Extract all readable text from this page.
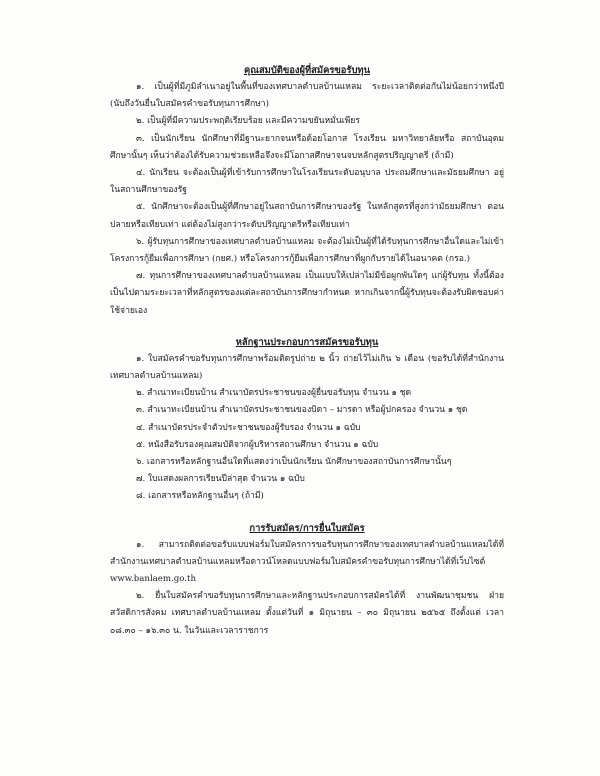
คุณสมบัติของผู้ที่สมัครขอรับทุน

๑. เป็นผู้ที่มีภูมิลำเนาอยู่ในพื้นที่ของเทศบาลตำบลบ้านแหลม ระยะเวลาติดต่อกันไม่น้อยกว่าหนึ่งปี (นับถึงวันยื่นใบสมัครคำขอรับทุนการศึกษา)

๒. เป็นผู้ที่มีความประพฤติเรียบร้อย และมีความขยันหมั่นเพียร

๓. เป็นนักเรียน นักศึกษาที่มีฐานะยากจนหรือด้อยโอกาส โรงเรียน มหาวิทยาลัยหรือ สถาบันอุดมศึกษานั้นๆ เห็นว่าต้องได้รับความช่วยเหลือจึงจะมีโอกาสศึกษาจนจบหลักสูตรปริญญาตรี (ถ้ามี)

๔. นักเรียน จะต้องเป็นผู้ที่เข้ารับการศึกษาในโรงเรียนระดับอนุบาล ประถมศึกษาและมัธยมศึกษา อยู่ในสถานศึกษาของรัฐ

๕. นักศึกษาจะต้องเป็นผู้ที่ศึกษาอยู่ในสถาบันการศึกษาของรัฐ ในหลักสูตรที่สูงกว่ามัธยมศึกษา ตอนปลายหรือเทียบเท่า แต่ต้องไม่สูงกว่าระดับปริญญาตรีหรือเทียบเท่า

๖. ผู้รับทุนการศึกษาของเทศบาลตำบลบ้านแหลม จะต้องไม่เป็นผู้ที่ได้รับทุนการศึกษาอื่นใดและไม่เข้าโครงการกู้ยืมเพื่อการศึกษา (กยศ.) หรือโครงการกู้ยืมเพื่อการศึกษาที่ผูกกับรายได้ในอนาคต (กรอ.)

๗. ทุนการศึกษาของเทศบาลตำบลบ้านแหลม เป็นแบบให้เปล่าไม่มีข้อผูกพันใดๆ แก่ผู้รับทุน ทั้งนี้ต้องเป็นไปตามระยะเวลาที่หลักสูตรของแต่ละสถาบันการศึกษากำหนด หากเกินจากนี้ผู้รับทุนจะต้องรับผิดชอบค่าใช้จ่ายเอง

หลักฐานประกอบการสมัครขอรับทุน

๑. ใบสมัครคำขอรับทุนการศึกษาพร้อมติดรูปถ่าย ๒ นิ้ว ถ่ายไว้ไม่เกิน ๖ เดือน (ขอรับได้ที่สำนักงานเทศบาลตำบลบ้านแหลม)

๒. สำเนาทะเบียนบ้าน สำเนาบัตรประชาชนของผู้ยื่นขอรับทุน จำนวน ๑ ชุด

๓. สำเนาทะเบียนบ้าน สำเนาบัตรประชาชนของบิดา – มารดา หรือผู้ปกครอง จำนวน ๑ ชุด

๔. สำเนาบัตรประจำตัวประชาชนของผู้รับรอง จำนวน ๑ ฉบับ

๕. หนังสือรับรองคุณสมบัติจากผู้บริหารสถานศึกษา จำนวน ๑ ฉบับ

๖. เอกสารหรือหลักฐานอื่นใดที่แสดงว่าเป็นนักเรียน นักศึกษาของสถาบันการศึกษานั้นๆ

๗. ใบแสดงผลการเรียนปีล่าสุด จำนวน ๑ ฉบับ

๘. เอกสารหรือหลักฐานอื่นๆ (ถ้ามี)

การรับสมัคร/การยื่นใบสมัคร

๑. สามารถติดต่อขอรับแบบฟอร์มใบสมัครการขอรับทุนการศึกษาของเทศบาลตำบลบ้านแหลมได้ที่สำนักงานเทศบาลตำบลบ้านแหลมหรือดาวน์โหลดแบบฟอร์มใบสมัครคำขอรับทุนการศึกษาได้ที่เว็บไซต์ www.banlaem.go.th

๒. ยื่นใบสมัครคำขอรับทุนการศึกษาและหลักฐานประกอบการสมัครได้ที่ งานพัฒนาชุมชน ฝ่ายสวัสดิการสังคม เทศบาลตำบลบ้านแหลม ตั้งแต่วันที่ ๑ มิถุนายน – ๓๐ มิถุนายน ๒๕๖๕ ถึงตั้งแต่ เวลา ๐๘.๓๐ – ๑๖.๓๐ น. ในวันและเวลาราชการ
